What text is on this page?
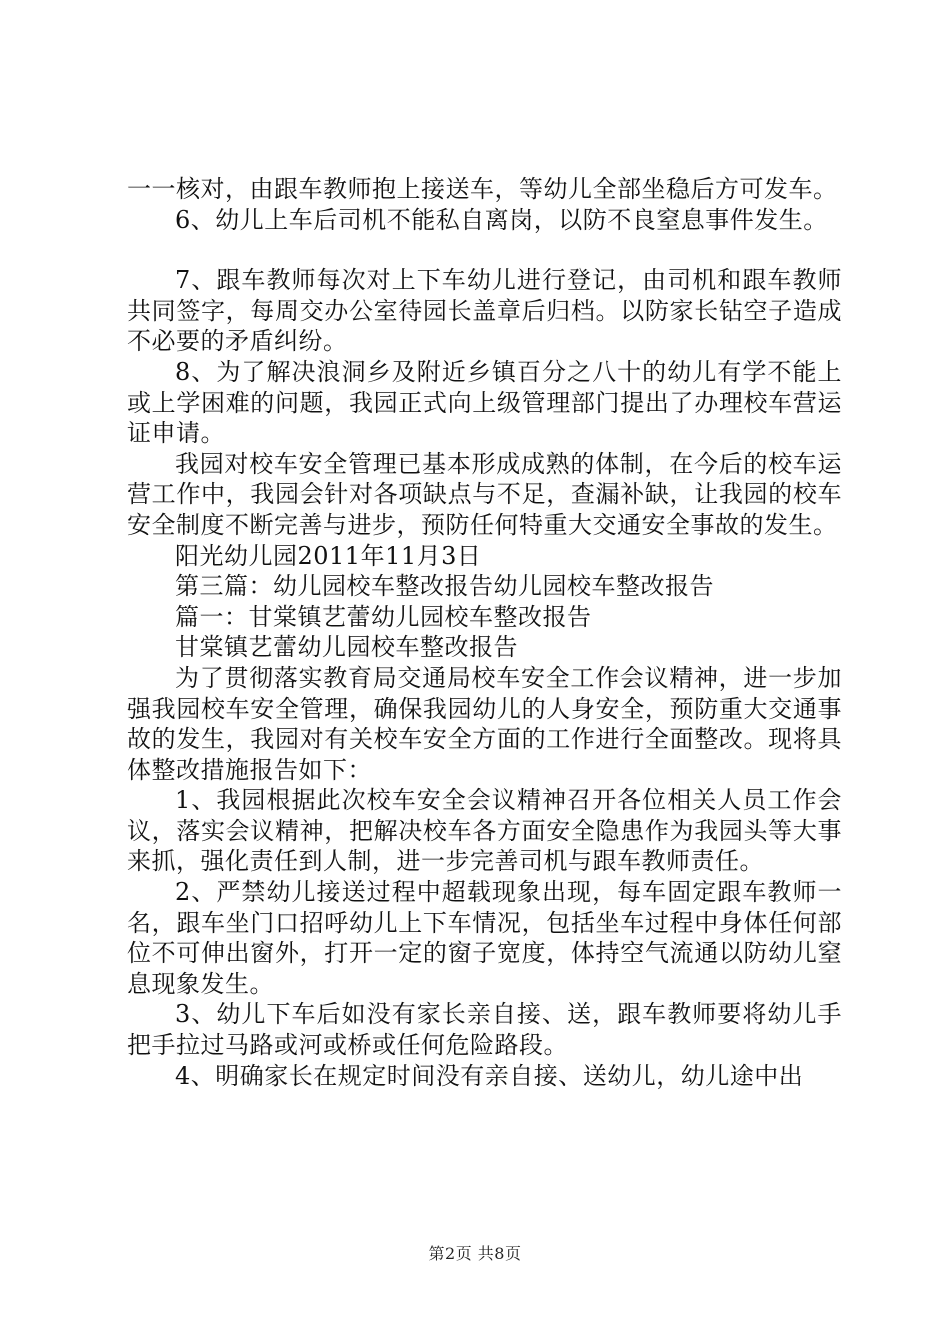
一一核对，由跟车教师抱上接送车，等幼儿全部坐稳后方可发车。

6、幼儿上车后司机不能私自离岗，以防不良窒息事件发生。

7、跟车教师每次对上下车幼儿进行登记，由司机和跟车教师共同签字，每周交办公室待园长盖章后归档。以防家长钻空子造成不必要的矛盾纠纷。

8、为了解决浪洞乡及附近乡镇百分之八十的幼儿有学不能上或上学困难的问题，我园正式向上级管理部门提出了办理校车营运证申请。

我园对校车安全管理已基本形成成熟的体制，在今后的校车运营工作中，我园会针对各项缺点与不足，查漏补缺，让我园的校车安全制度不断完善与进步，预防任何特重大交通安全事故的发生。

阳光幼儿园2011年11月3日

第三篇：幼儿园校车整改报告幼儿园校车整改报告

篇一：甘棠镇艺蕾幼儿园校车整改报告

甘棠镇艺蕾幼儿园校车整改报告

为了贯彻落实教育局交通局校车安全工作会议精神，进一步加强我园校车安全管理，确保我园幼儿的人身安全，预防重大交通事故的发生，我园对有关校车安全方面的工作进行全面整改。现将具体整改措施报告如下：

1、我园根据此次校车安全会议精神召开各位相关人员工作会议，落实会议精神，把解决校车各方面安全隐患作为我园头等大事来抓，强化责任到人制，进一步完善司机与跟车教师责任。

2、严禁幼儿接送过程中超载现象出现，每车固定跟车教师一名，跟车坐门口招呼幼儿上下车情况，包括坐车过程中身体任何部位不可伸出窗外，打开一定的窗子宽度，体持空气流通以防幼儿窒息现象发生。

3、幼儿下车后如没有家长亲自接、送，跟车教师要将幼儿手把手拉过马路或河或桥或任何危险路段。

4、明确家长在规定时间没有亲自接、送幼儿，幼儿途中出

第2页 共8页
